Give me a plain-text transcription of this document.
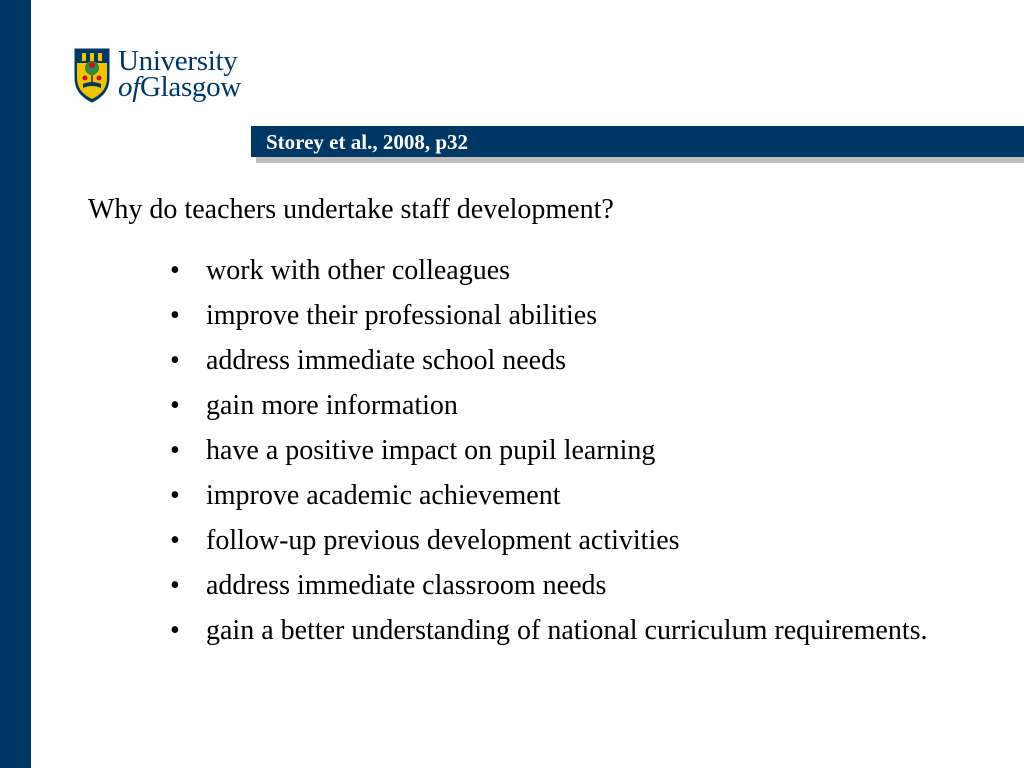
University
ofGlasgow
Storey et al., 2008, p32
Why do teachers undertake staff development?
• work with other colleagues
• improve their professional abilities
• address immediate school needs
• gain more information
• have a positive impact on pupil learning
• improve academic achievement
• follow-up previous development activities
• address immediate classroom needs
• gain a better understanding of national curriculum requirements.
